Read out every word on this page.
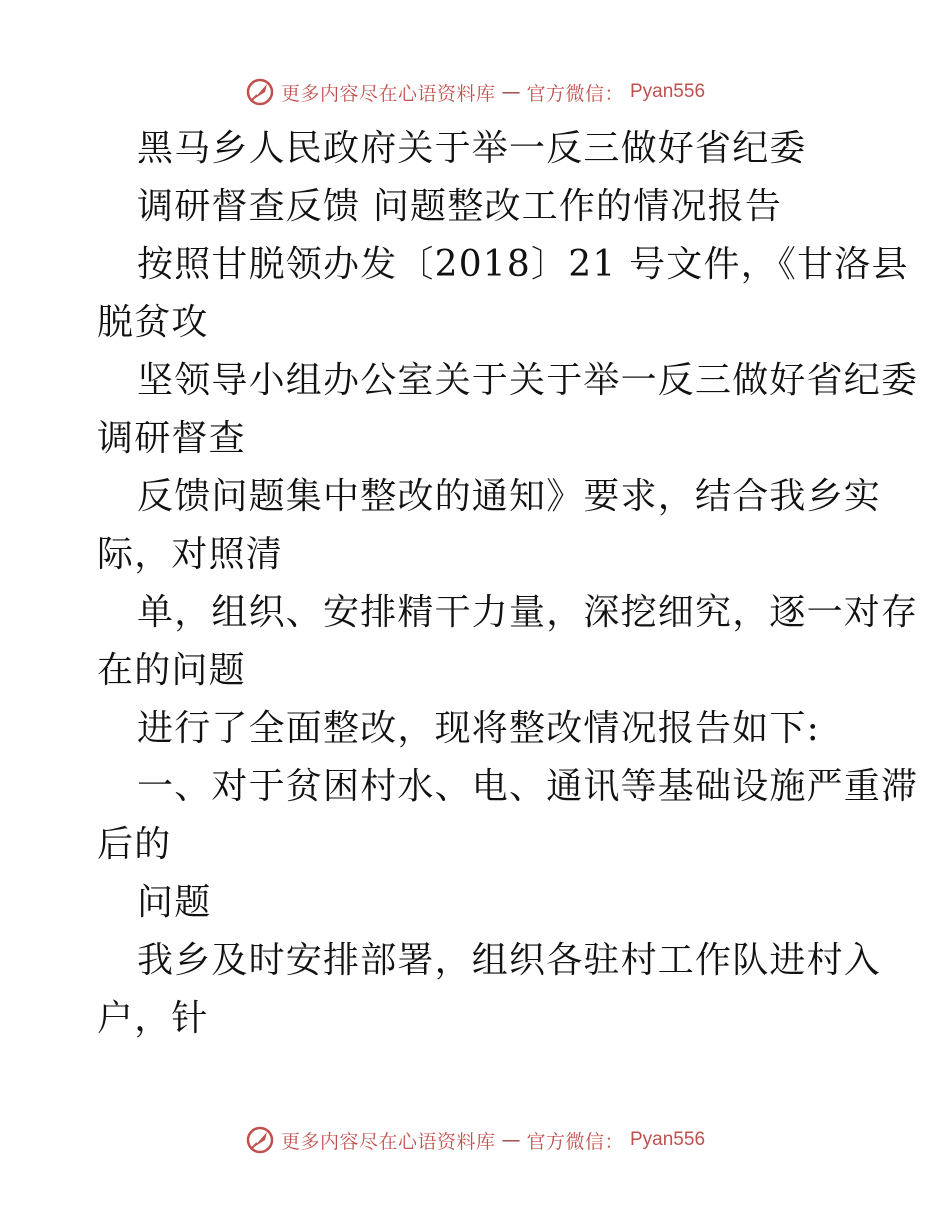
更多内容尽在心语资料库 — 官方微信： Pyan556
黑马乡人民政府关于举一反三做好省纪委
调研督查反馈 问题整改工作的情况报告
按照甘脱领办发〔2018〕21 号文件，《甘洛县
脱贫攻
坚领导小组办公室关于关于举一反三做好省纪委
调研督查
反馈问题集中整改的通知》要求，结合我乡实
际，对照清
单，组织、安排精干力量，深挖细究，逐一对存
在的问题
进行了全面整改，现将整改情况报告如下:
一、对于贫困村水、电、通讯等基础设施严重滞
后的
问题
我乡及时安排部署，组织各驻村工作队进村入
户，针
更多内容尽在心语资料库 — 官方微信： Pyan556
